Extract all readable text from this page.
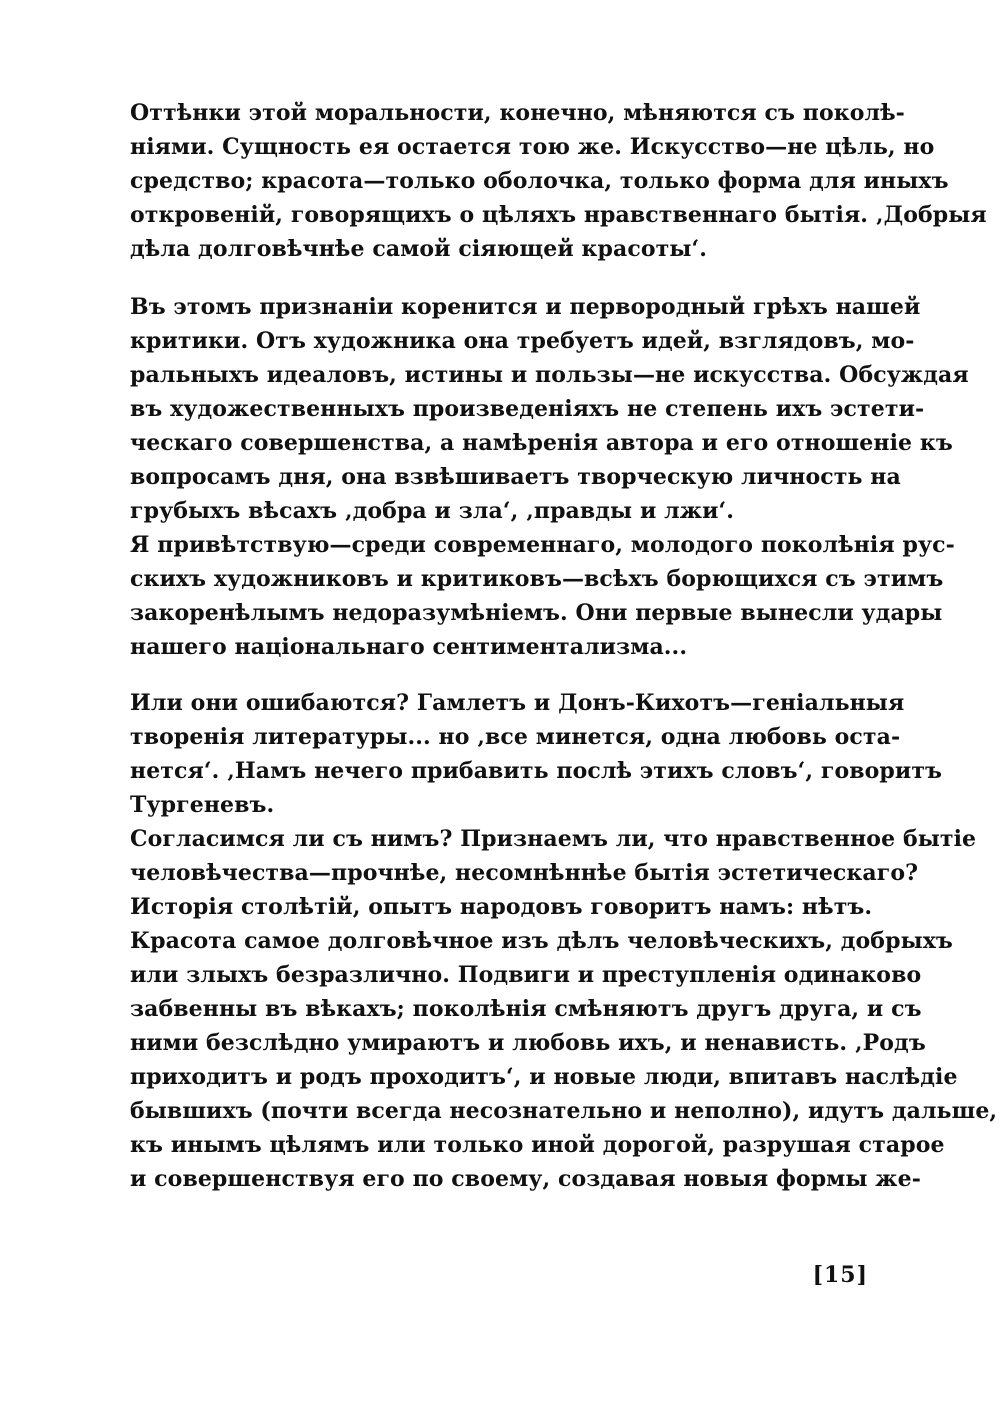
Оттѣнки этой моральности, конечно, мѣняются съ поколѣ-
ніями. Сущность ея остается тою же. Искусство—не цѣль, но
средство; красота—только оболочка, только форма для иныхъ
откровеній, говорящихъ о цѣляхъ нравственнаго бытія. ‚Добрыя
дѣла долговѣчнѣе самой сіяющей красоты‘.
Въ этомъ признаніи коренится и первородный грѣхъ нашей
критики. Отъ художника она требуетъ идей, взглядовъ, мо-
ральныхъ идеаловъ, истины и пользы—не искусства. Обсуждая
въ художественныхъ произведеніяхъ не степень ихъ эстети-
ческаго совершенства, а намѣренія автора и его отношеніе къ
вопросамъ дня, она взвѣшиваетъ творческую личность на
грубыхъ вѣсахъ ‚добра и зла‘, ‚правды и лжи‘.
Я привѣтствую—среди современнаго, молодого поколѣнія рус-
скихъ художниковъ и критиковъ—всѣхъ борющихся съ этимъ
закоренѣлымъ недоразумѣніемъ. Они первые вынесли удары
нашего національнаго сентиментализма...
Или они ошибаются? Гамлетъ и Донъ-Кихотъ—геніальныя
творенія литературы... но ‚все минется, одна любовь оста-
нется‘. ‚Намъ нечего прибавить послѣ этихъ словъ‘, говоритъ
Тургеневъ.
Согласимся ли съ нимъ? Признаемъ ли, что нравственное бытіе
человѣчества—прочнѣе, несомнѣннѣе бытія эстетическаго?
Исторія столѣтій, опытъ народовъ говоритъ намъ: нѣтъ.
Красота самое долговѣчное изъ дѣлъ человѣческихъ, добрыхъ
или злыхъ безразлично. Подвиги и преступленія одинаково
забвенны въ вѣкахъ; поколѣнія смѣняютъ другъ друга, и съ
ними безслѣдно умираютъ и любовь ихъ, и ненависть. ‚Родъ
приходитъ и родъ проходитъ‘, и новые люди, впитавъ наслѣдіе
бывшихъ (почти всегда несознательно и неполно), идутъ дальше,
къ инымъ цѣлямъ или только иной дорогой, разрушая старое
и совершенствуя его по своему, создавая новыя формы же-
[15]
